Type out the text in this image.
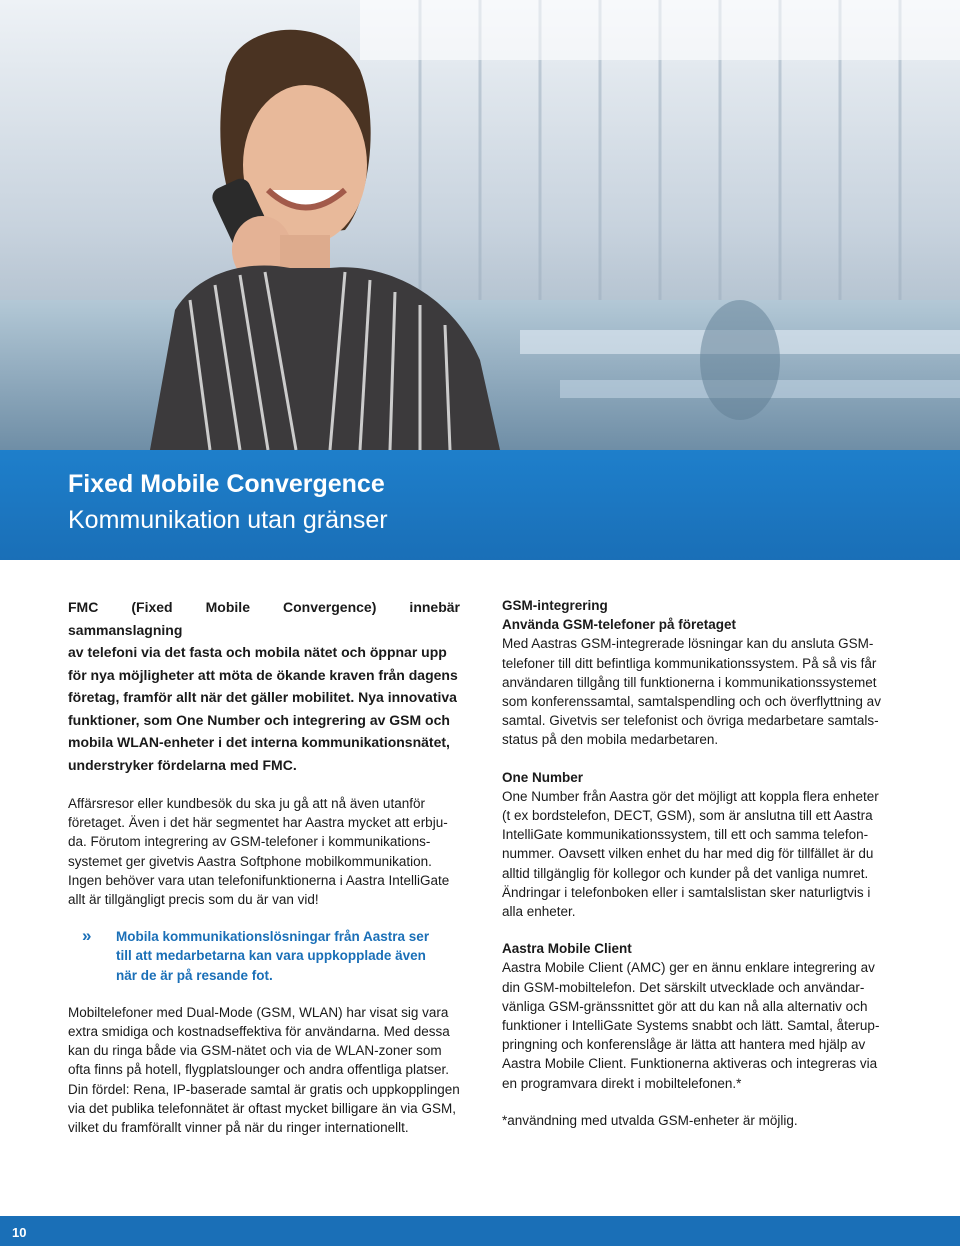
Fixed Mobile Convergence
Kommunikation utan gränser

FMC (Fixed Mobile Convergence) innebär sammanslagning
av telefoni via det fasta och mobila nätet och öppnar upp
för nya möjligheter att möta de ökande kraven från dagens
företag, framför allt när det gäller mobilitet. Nya innovativa
funktioner, som One Number och integrering av GSM och
mobila WLAN-enheter i det interna kommunikationsnätet,
understryker fördelarna med FMC.

Affärsresor eller kundbesök du ska ju gå att nå även utanför
företaget. Även i det här segmentet har Aastra mycket att erbju-
da. Förutom integrering av GSM-telefoner i kommunikations-
systemet ger givetvis Aastra Softphone mobilkommunikation.
Ingen behöver vara utan telefonifunktionerna i Aastra IntelliGate
allt är tillgängligt precis som du är van vid!

» Mobila kommunikationslösningar från Aastra ser
till att medarbetarna kan vara uppkopplade även
när de är på resande fot.

Mobiltelefoner med Dual-Mode (GSM, WLAN) har visat sig vara
extra smidiga och kostnadseffektiva för användarna. Med dessa
kan du ringa både via GSM-nätet och via de WLAN-zoner som
ofta finns på hotell, flygplatslounger och andra offentliga platser.
Din fördel: Rena, IP-baserade samtal är gratis och uppkopplingen
via det publika telefonnätet är oftast mycket billigare än via GSM,
vilket du framförallt vinner på när du ringer internationellt.

GSM-integrering

Använda GSM-telefoner på företaget

Med Aastras GSM-integrerade lösningar kan du ansluta GSM-
telefoner till ditt befintliga kommunikationssystem. På så vis får
användaren tillgång till funktionerna i kommunikationssystemet
som konferenssamtal, samtalspendling och och överflyttning av
samtal. Givetvis ser telefonist och övriga medarbetare samtals-
status på den mobila medarbetaren.

One Number

One Number från Aastra gör det möjligt att koppla flera enheter
(t ex bordstelefon, DECT, GSM), som är anslutna till ett Aastra
IntelliGate kommunikationssystem, till ett och samma telefon-
nummer. Oavsett vilken enhet du har med dig för tillfället är du
alltid tillgänglig för kollegor och kunder på det vanliga numret.
Ändringar i telefonboken eller i samtalslistan sker naturligtvis i
alla enheter.

Aastra Mobile Client

Aastra Mobile Client (AMC) ger en ännu enklare integrering av
din GSM-mobiltelefon. Det särskilt utvecklade och användar-
vänliga GSM-gränssnittet gör att du kan nå alla alternativ och
funktioner i IntelliGate Systems snabbt och lätt. Samtal, återup-
pringning och konferenslåge är lätta att hantera med hjälp av
Aastra Mobile Client. Funktionerna aktiveras och integreras via
en programvara direkt i mobiltelefonen.*

*användning med utvalda GSM-enheter är möjlig.

10
